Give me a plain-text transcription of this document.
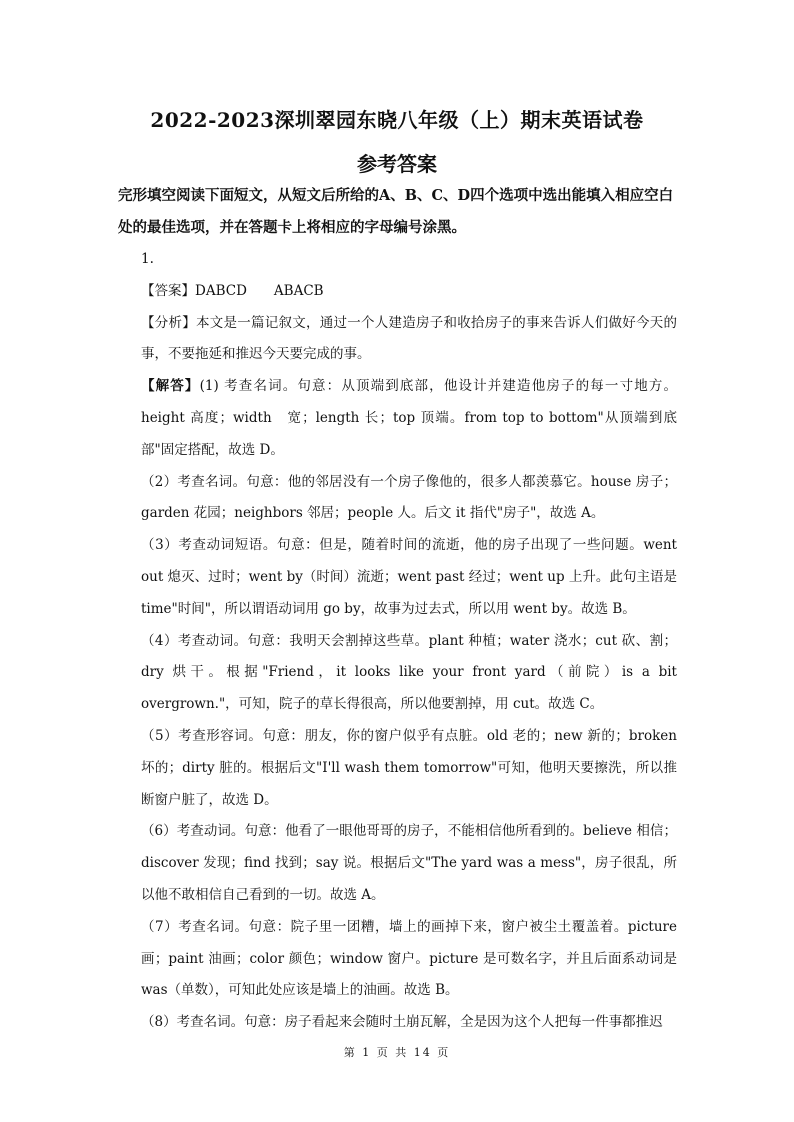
2022-2023深圳翠园东晓八年级（上）期末英语试卷
参考答案
完形填空阅读下面短文，从短文后所给的A、B、C、D四个选项中选出能填入相应空白处的最佳选项，并在答题卡上将相应的字母编号涂黑。

1.

【答案】DABCD　　ABACB

【分析】本文是一篇记叙文，通过一个人建造房子和收拾房子的事来告诉人们做好今天的事，不要拖延和推迟今天要完成的事。

【解答】(1) 考查名词。句意：从顶端到底部，他设计并建造他房子的每一寸地方。height 高度；width　宽；length 长；top 顶端。from top to bottom"从顶端到底部"固定搭配，故选 D。

（2）考查名词。句意：他的邻居没有一个房子像他的，很多人都羡慕它。house 房子；garden 花园；neighbors 邻居；people 人。后文 it 指代"房子"，故选 A。

（3）考查动词短语。句意：但是，随着时间的流逝，他的房子出现了一些问题。went out 熄灭、过时；went by（时间）流逝；went past 经过；went up 上升。此句主语是 time"时间"，所以谓语动词用 go by，故事为过去式，所以用 went by。故选 B。

（4）考查动词。句意：我明天会割掉这些草。plant 种植；water 浇水；cut 砍、割；dry 烘干。根据"Friend，it looks like your front yard（前院）is a bit overgrown."，可知，院子的草长得很高，所以他要割掉，用 cut。故选 C。

（5）考查形容词。句意：朋友，你的窗户似乎有点脏。old 老的；new 新的；broken 坏的；dirty 脏的。根据后文"I'll wash them tomorrow"可知，他明天要擦洗，所以推断窗户脏了，故选 D。

（6）考查动词。句意：他看了一眼他哥哥的房子，不能相信他所看到的。believe 相信；discover 发现；find 找到；say 说。根据后文"The yard was a mess"，房子很乱，所以他不敢相信自己看到的一切。故选 A。

（7）考查名词。句意：院子里一团糟，墙上的画掉下来，窗户被尘土覆盖着。picture 画；paint 油画；color 颜色；window 窗户。picture 是可数名字，并且后面系动词是 was（单数），可知此处应该是墙上的油画。故选 B。

（8）考查名词。句意：房子看起来会随时土崩瓦解，全是因为这个人把每一件事都推迟

第 1 页 共 14 页
